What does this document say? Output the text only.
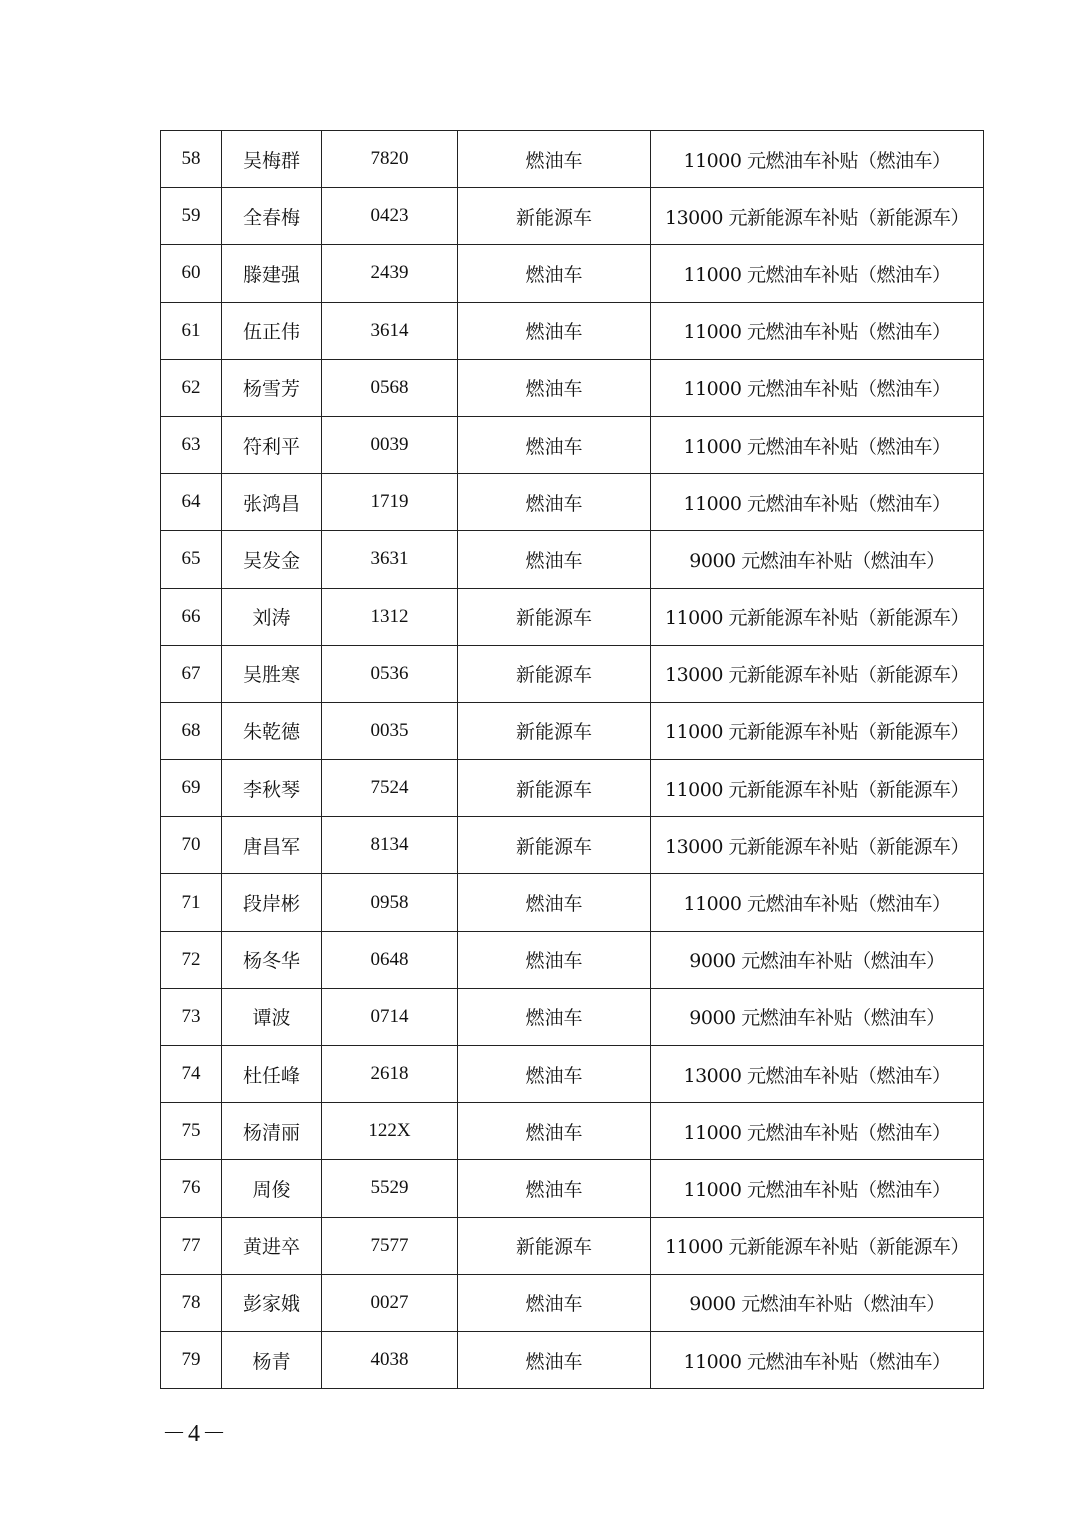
58	吴梅群	7820	燃油车	11000 元燃油车补贴（燃油车）
59	全春梅	0423	新能源车	13000 元新能源车补贴（新能源车）
60	滕建强	2439	燃油车	11000 元燃油车补贴（燃油车）
61	伍正伟	3614	燃油车	11000 元燃油车补贴（燃油车）
62	杨雪芳	0568	燃油车	11000 元燃油车补贴（燃油车）
63	符利平	0039	燃油车	11000 元燃油车补贴（燃油车）
64	张鸿昌	1719	燃油车	11000 元燃油车补贴（燃油车）
65	吴发金	3631	燃油车	9000 元燃油车补贴（燃油车）
66	刘涛	1312	新能源车	11000 元新能源车补贴（新能源车）
67	吴胜寒	0536	新能源车	13000 元新能源车补贴（新能源车）
68	朱乾德	0035	新能源车	11000 元新能源车补贴（新能源车）
69	李秋琴	7524	新能源车	11000 元新能源车补贴（新能源车）
70	唐昌军	8134	新能源车	13000 元新能源车补贴（新能源车）
71	段岸彬	0958	燃油车	11000 元燃油车补贴（燃油车）
72	杨冬华	0648	燃油车	9000 元燃油车补贴（燃油车）
73	谭波	0714	燃油车	9000 元燃油车补贴（燃油车）
74	杜任峰	2618	燃油车	13000 元燃油车补贴（燃油车）
75	杨清丽	122X	燃油车	11000 元燃油车补贴（燃油车）
76	周俊	5529	燃油车	11000 元燃油车补贴（燃油车）
77	黄进卒	7577	新能源车	11000 元新能源车补贴（新能源车）
78	彭家娥	0027	燃油车	9000 元燃油车补贴（燃油车）
79	杨青	4038	燃油车	11000 元燃油车补贴（燃油车）
－4－
